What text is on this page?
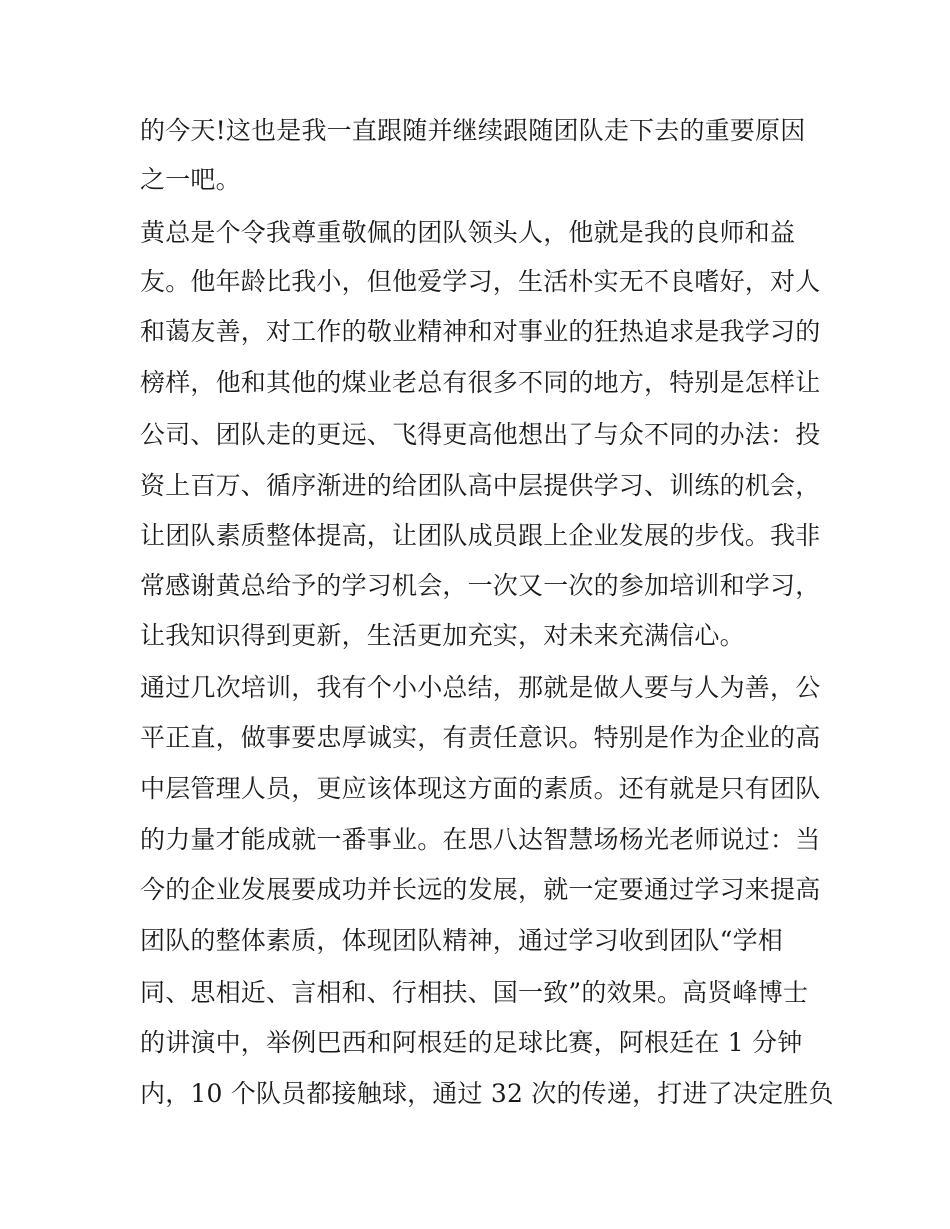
的今天!这也是我一直跟随并继续跟随团队走下去的重要原因

之一吧。

黄总是个令我尊重敬佩的团队领头人，他就是我的良师和益

友。他年龄比我小，但他爱学习，生活朴实无不良嗜好，对人

和蔼友善，对工作的敬业精神和对事业的狂热追求是我学习的

榜样，他和其他的煤业老总有很多不同的地方，特别是怎样让

公司、团队走的更远、飞得更高他想出了与众不同的办法：投

资上百万、循序渐进的给团队高中层提供学习、训练的机会，

让团队素质整体提高，让团队成员跟上企业发展的步伐。我非

常感谢黄总给予的学习机会，一次又一次的参加培训和学习，

让我知识得到更新，生活更加充实，对未来充满信心。

通过几次培训，我有个小小总结，那就是做人要与人为善，公

平正直，做事要忠厚诚实，有责任意识。特别是作为企业的高

中层管理人员，更应该体现这方面的素质。还有就是只有团队

的力量才能成就一番事业。在思八达智慧场杨光老师说过：当

今的企业发展要成功并长远的发展，就一定要通过学习来提高

团队的整体素质，体现团队精神，通过学习收到团队“学相

同、思相近、言相和、行相扶、国一致”的效果。高贤峰博士

的讲演中，举例巴西和阿根廷的足球比赛，阿根廷在 1 分钟

内，10 个队员都接触球，通过 32 次的传递，打进了决定胜负
